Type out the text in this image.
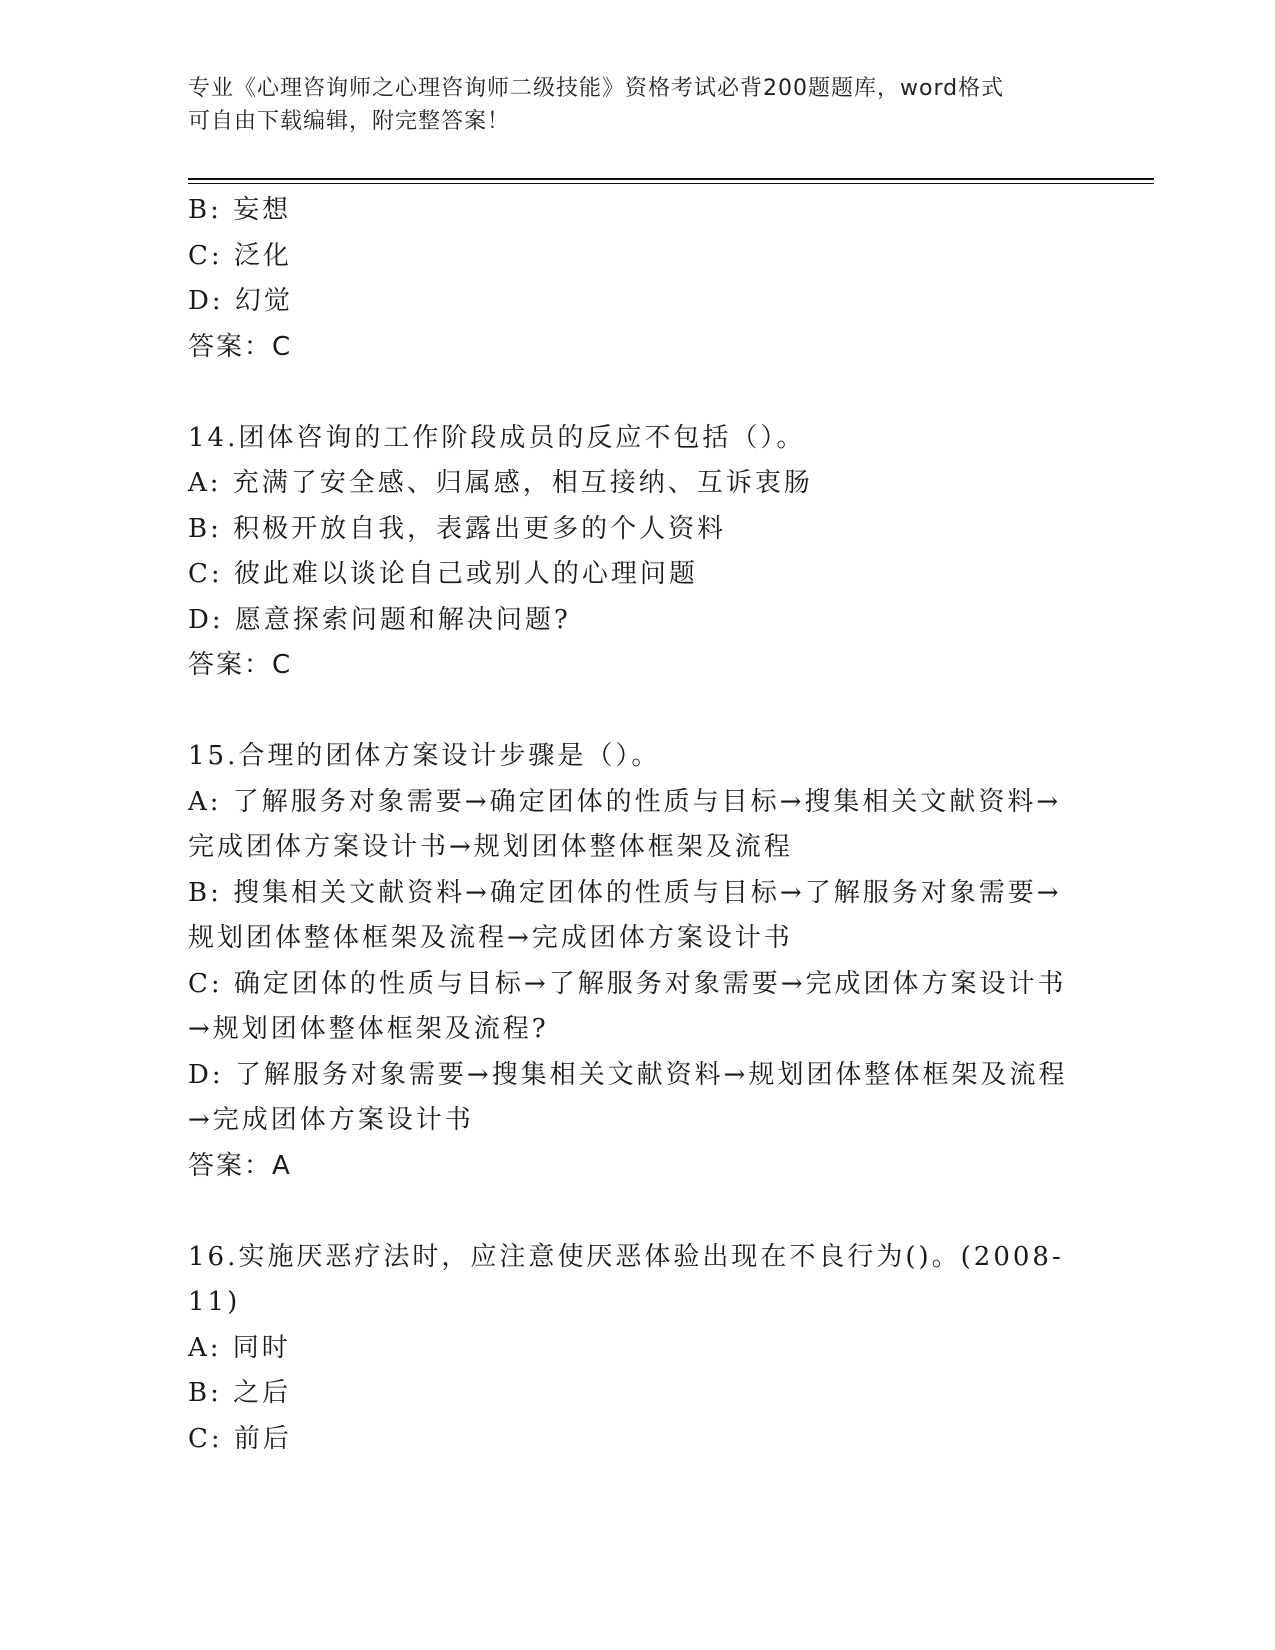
专业《心理咨询师之心理咨询师二级技能》资格考试必背200题题库，word格式
可自由下载编辑，附完整答案！
B: 妄想
C: 泛化
D: 幻觉
答案：C
14.团体咨询的工作阶段成员的反应不包括（）。
A: 充满了安全感、归属感，相互接纳、互诉衷肠
B: 积极开放自我，表露出更多的个人资料
C: 彼此难以谈论自己或别人的心理问题
D: 愿意探索问题和解决问题?
答案：C
15.合理的团体方案设计步骤是（）。
A: 了解服务对象需要→确定团体的性质与目标→搜集相关文献资料→
完成团体方案设计书→规划团体整体框架及流程
B: 搜集相关文献资料→确定团体的性质与目标→了解服务对象需要→
规划团体整体框架及流程→完成团体方案设计书
C: 确定团体的性质与目标→了解服务对象需要→完成团体方案设计书
→规划团体整体框架及流程?
D: 了解服务对象需要→搜集相关文献资料→规划团体整体框架及流程
→完成团体方案设计书
答案：A
16.实施厌恶疗法时，应注意使厌恶体验出现在不良行为()。(2008-
11)
A: 同时
B: 之后
C: 前后
